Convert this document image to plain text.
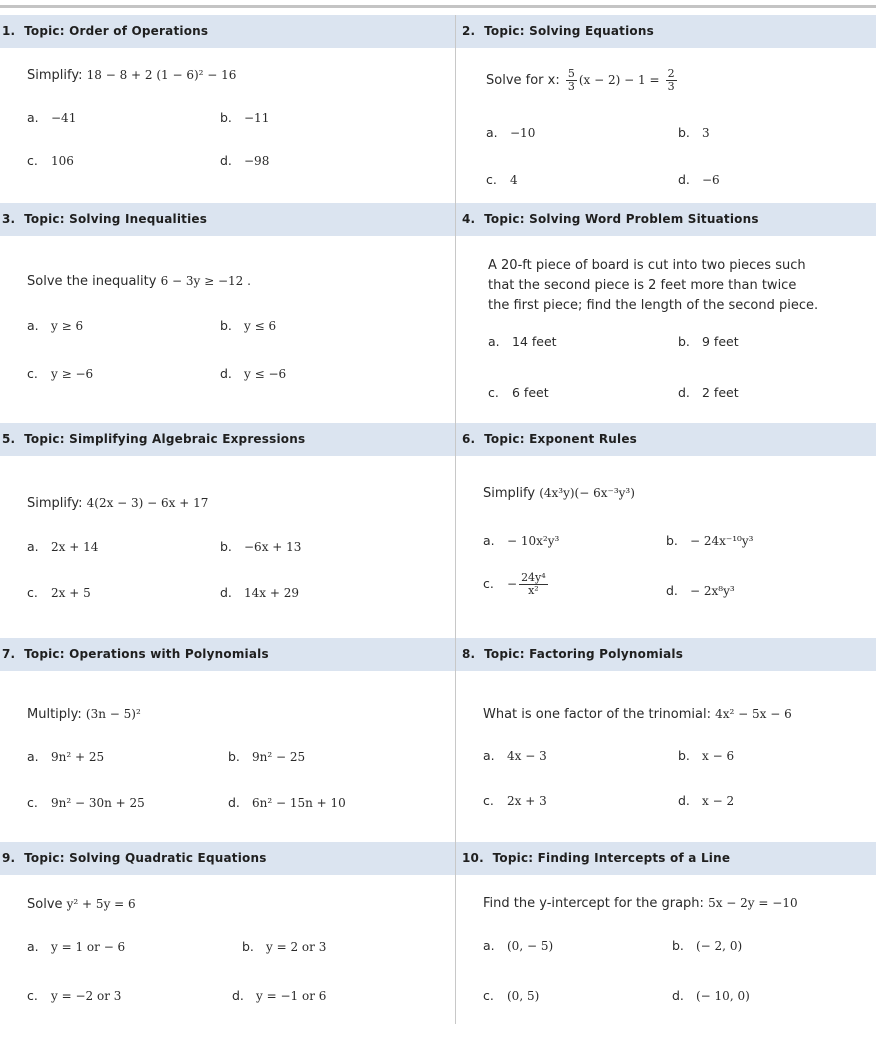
1. Topic: Order of Operations	2. Topic: Solving Equations
Simplify: 18 − 8 + 2 (1 − 6)² − 16
a. −41	b. −11
c. 106	d. −98
Solve for x: $\frac{5}{3} (x - 2) - 1 = \frac{2}{3}$
a. −10	b. 3
c. 4	d. −6
3. Topic: Solving Inequalities	4. Topic: Solving Word Problem Situations
Solve the inequality 6 − 3y ≥ −12 .
a. y ≥ 6	b. y ≤ 6
c. y ≥ −6	d. y ≤ −6
A 20-ft piece of board is cut into two pieces such
that the second piece is 2 feet more than twice
the first piece; find the length of the second piece.
a. 14 feet	b. 9 feet
c. 6 feet	d. 2 feet
5. Topic: Simplifying Algebraic Expressions	6. Topic: Exponent Rules
Simplify: 4(2x − 3) − 6x + 17
a. 2x + 14	b. −6x + 13
c. 2x + 5	d. 14x + 29
Simplify (4x³y)(− 6x⁻³y³)
a. − 10x²y³	b. − 24x⁻¹⁰y³
c. − $\frac{\text{24y⁴}}{\text{x²}}$	d. − 2x⁸y³
7. Topic: Operations with Polynomials	8. Topic: Factoring Polynomials
Multiply: (3n − 5)²
a. 9n² + 25	b. 9n² − 25
c. 9n² − 30n + 25	d. 6n² − 15n + 10
What is one factor of the trinomial: 4x² − 5x − 6
a. 4x − 3	b. x − 6
c. 2x + 3	d. x − 2
9. Topic: Solving Quadratic Equations	10. Topic: Finding Intercepts of a Line
Solve y² + 5y = 6
a. y = 1 or − 6	b. y = 2 or 3
c. y = −2 or 3	d. y = −1 or 6
Find the y-intercept for the graph: 5x − 2y = −10
a. (0, − 5)	b. (− 2, 0)
c. (0, 5)	d. (− 10, 0)
